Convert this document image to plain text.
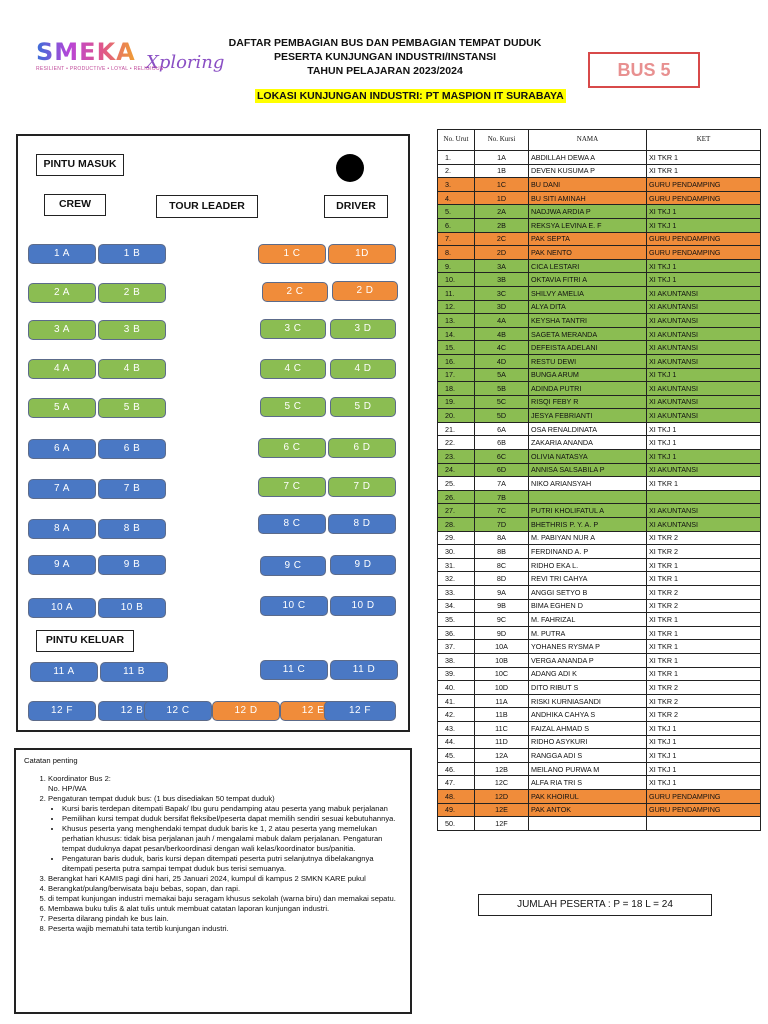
SMEKA Xploring
RESILIENT • PRODUCTIVE • LOYAL • RELIGIOUS
DAFTAR PEMBAGIAN BUS DAN PEMBAGIAN TEMPAT DUDUK
PESERTA KUNJUNGAN INDUSTRI/INSTANSI
TAHUN PELAJARAN 2023/2024	BUS 5
LOKASI KUNJUNGAN INDUSTRI: PT MASPION IT SURABAYA
PINTU MASUK
CREW	TOUR LEADER	DRIVER
PINTU KELUAR
1 A	1 B	1 C	1D
2 A	2 B	2 C	2 D
3 A	3 B	3 C	3 D
4 A	4 B	4 C	4 D
5 A	5 B	5 C	5 D
6 A	6 B	6 C	6 D
7 A	7 B	7 C	7 D
8 A	8 B	8 C	8 D
9 A	9 B	9 C	9 D
10 A	10 B	10 C	10 D
11 A	11 B	11 C	11 D
12 F	12 B	12 C	12 D	12 E	12 F
Catatan penting
1. Koordinator Bus 2:
No. HP/WA
2. Pengaturan tempat duduk bus: (1 bus disediakan 50 tempat duduk)
• Kursi baris terdepan ditempati Bapak/ Ibu guru pendamping atau peserta yang mabuk perjalanan
• Pemilihan kursi tempat duduk bersifat fleksibel/peserta dapat memilih sendiri sesuai kebutuhannya.
• Khusus peserta yang menghendaki tempat duduk baris ke 1, 2 atau peserta yang memelukan perhatian khusus: tidak bisa perjalanan jauh / mengalami mabuk dalam perjalanan. Pengaturan tempat duduknya dapat pesan/berkoordinasi dengan wali kelas/koordinator bus/panitia.
• Pengaturan baris duduk, baris kursi depan ditempati peserta putri selanjutnya dibelakangnya ditempati peserta putra sampai tempat duduk bus terisi semuanya.
3. Berangkat hari KAMIS pagi dini hari, 25 Januari 2024, kumpul di kampus 2 SMKN KARE pukul
4. Berangkat/pulang/berwisata baju bebas, sopan, dan rapi.
5. di tempat kunjungan industri memakai baju seragam khusus sekolah (warna biru) dan memakai sepatu.
6. Membawa buku tulis & alat tulis untuk membuat catatan laporan kunjungan industri.
7. Peserta dilarang pindah ke bus lain.
8. Peserta wajib mematuhi tata tertib kunjungan industri.
No. Urut	No. Kursi	NAMA	KET
1.	1A	ABDILLAH DEWA A	XI TKR 1
2.	1B	DEVEN KUSUMA P	XI TKR 1
3.	1C	BU DANI	GURU PENDAMPING
4.	1D	BU SITI AMINAH	GURU PENDAMPING
5.	2A	NADJWA ARDIA P	XI TKJ 1
6.	2B	REKSYA LEVINA E. F	XI TKJ 1
7.	2C	PAK SEPTA	GURU PENDAMPING
8.	2D	PAK NENTO	GURU PENDAMPING
9.	3A	CICA LESTARI	XI TKJ 1
10.	3B	OKTAVIA FITRI A	XI TKJ 1
11.	3C	SHILVY AMELIA	XI AKUNTANSI
12.	3D	ALYA DITA	XI AKUNTANSI
13.	4A	KEYSHA TANTRI	XI AKUNTANSI
14.	4B	SAGETA MERANDA	XI AKUNTANSI
15.	4C	DEFEISTA ADELANI	XI AKUNTANSI
16.	4D	RESTU DEWI	XI AKUNTANSI
17.	5A	BUNGA ARUM	XI TKJ 1
18.	5B	ADINDA PUTRI	XI AKUNTANSI
19.	5C	RISQI FEBY R	XI AKUNTANSI
20.	5D	JESYA FEBRIANTI	XI AKUNTANSI
21.	6A	OSA RENALDINATA	XI TKJ 1
22.	6B	ZAKARIA ANANDA	XI TKJ 1
23.	6C	OLIVIA NATASYA	XI TKJ 1
24.	6D	ANNISA SALSABILA P	XI AKUNTANSI
25.	7A	NIKO ARIANSYAH	XI TKR 1
26.	7B		
27.	7C	PUTRI KHOLIFATUL A	XI AKUNTANSI
28.	7D	BHETHRIS P. Y. A. P	XI AKUNTANSI
29.	8A	M. PABIYAN NUR A	XI TKR 2
30.	8B	FERDINAND A. P	XI TKR 2
31.	8C	RIDHO EKA L.	XI TKR 1
32.	8D	REVI TRI CAHYA	XI TKR 1
33.	9A	ANGGI SETYO B	XI TKR 2
34.	9B	BIMA EGHEN D	XI TKR 2
35.	9C	M. FAHRIZAL	XI TKR 1
36.	9D	M. PUTRA	XI TKR 1
37.	10A	YOHANES RYSMA P	XI TKR 1
38.	10B	VERGA ANANDA P	XI TKR 1
39.	10C	ADANG ADI K	XI TKR 1
40.	10D	DITO RIBUT S	XI TKR 2
41.	11A	RISKI KURNIASANDI	XI TKR 2
42.	11B	ANDHIKA CAHYA S	XI TKR 2
43.	11C	FAIZAL AHMAD S	XI TKJ 1
44.	11D	RIDHO ASYKURI	XI TKJ 1
45.	12A	RANGGA ADI S	XI TKJ 1
46.	12B	MEILANO PURWA M	XI TKJ 1
47.	12C	ALFA RIA TRI S	XI TKJ 1
48.	12D	PAK KHOIRUL	GURU PENDAMPING
49.	12E	PAK ANTOK	GURU PENDAMPING
50.	12F		
JUMLAH PESERTA : P = 18 L = 24
